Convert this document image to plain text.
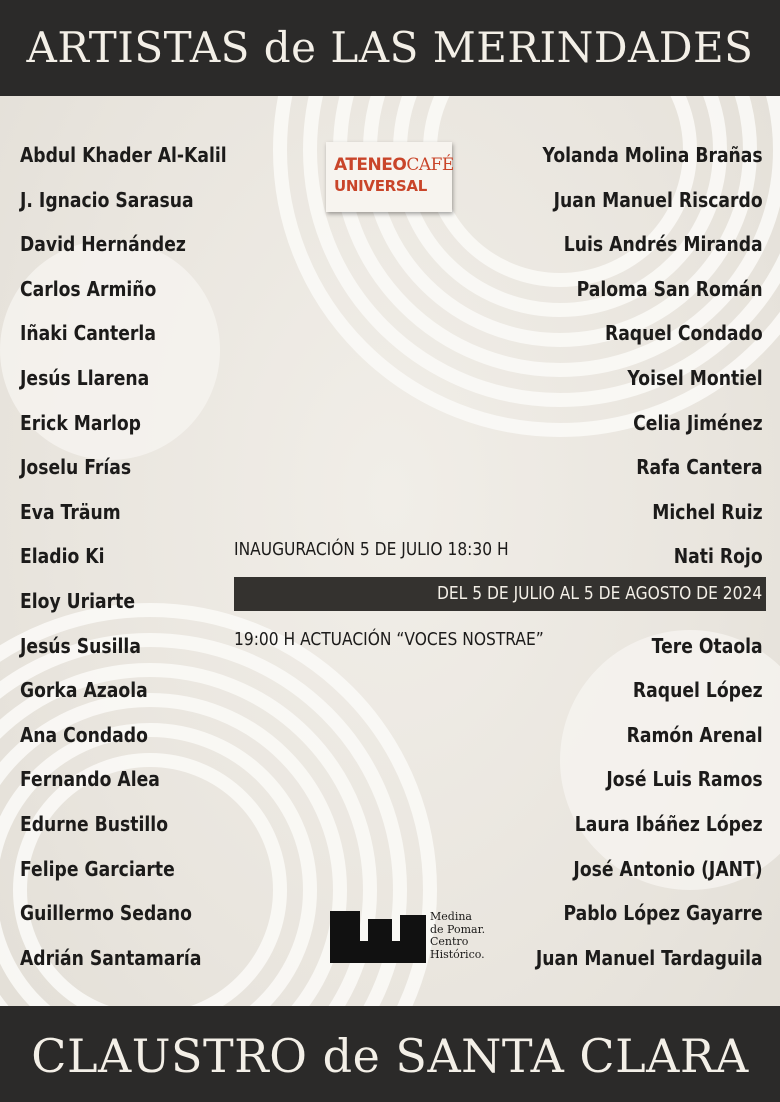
ARTISTAS de LAS MERINDADES
Abdul Khader Al-Kalil
J. Ignacio Sarasua
David Hernández
Carlos Armiño
Iñaki Canterla
Jesús Llarena
Erick Marlop
Joselu Frías
Eva Träum
Eladio Ki
Eloy Uriarte
Jesús Susilla
Gorka Azaola
Ana Condado
Fernando Alea
Edurne Bustillo
Felipe Garciarte
Guillermo Sedano
Adrián Santamaría
Yolanda Molina Brañas
Juan Manuel Riscardo
Luis Andrés Miranda
Paloma San Román
Raquel Condado
Yoisel Montiel
Celia Jiménez
Rafa Cantera
Michel Ruiz
Nati Rojo
Tere Otaola
Raquel López
Ramón Arenal
José Luis Ramos
Laura Ibáñez López
José Antonio (JANT)
Pablo López Gayarre
Juan Manuel Tardaguila
ATENEOCAFÉ
UNIVERSAL
INAUGURACIÓN 5 DE JULIO 18:30 H
DEL 5 DE JULIO AL 5 DE AGOSTO DE 2024
19:00 H ACTUACIÓN “VOCES NOSTRAE”
Medina
de Pomar.
Centro
Histórico.
CLAUSTRO de SANTA CLARA
